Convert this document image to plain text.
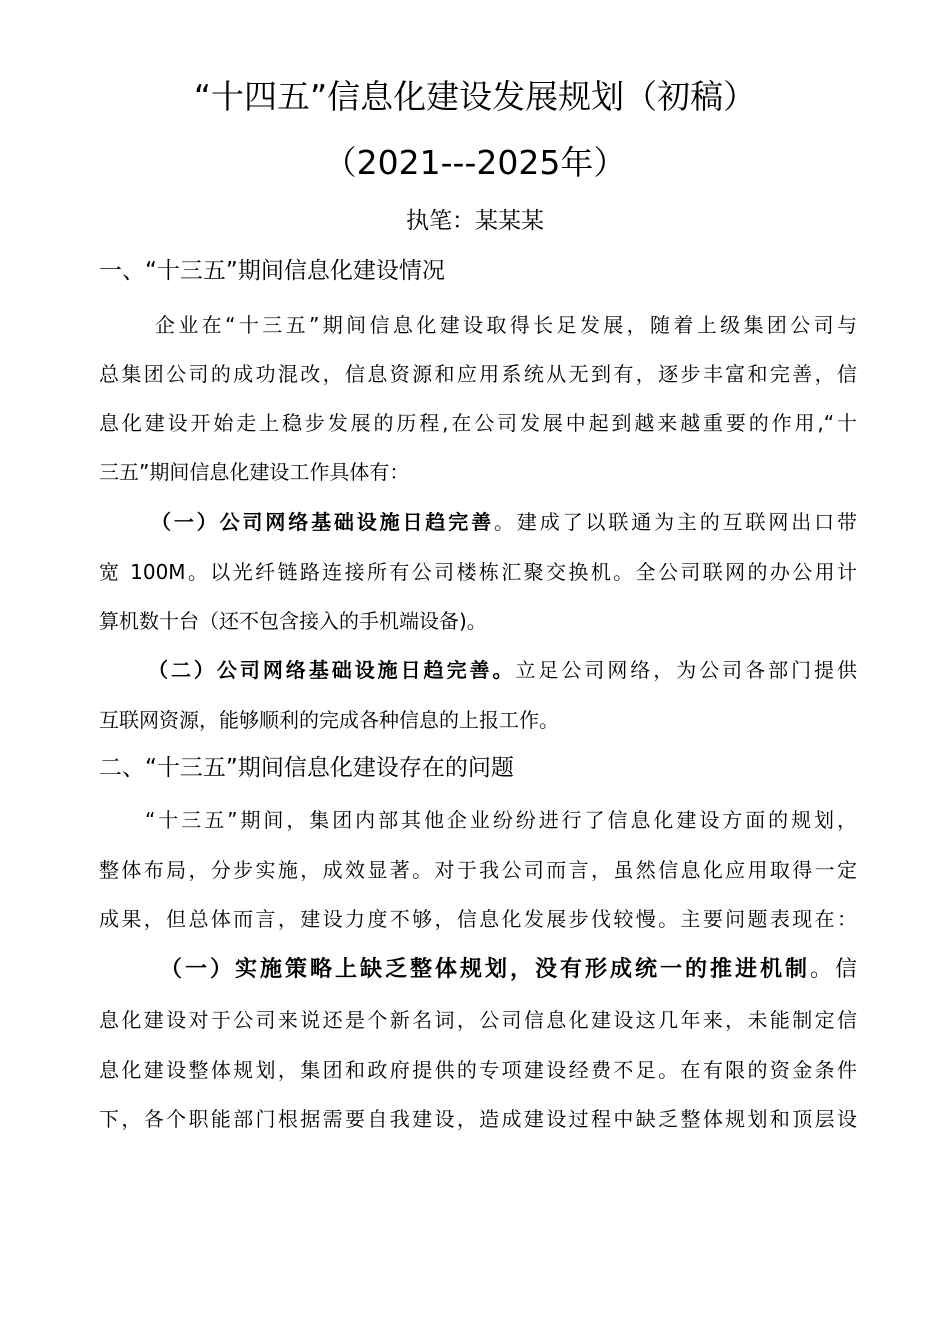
“十四五”信息化建设发展规划（初稿）
（2021---2025年）
执笔：某某某
一、“十三五”期间信息化建设情况
企业在“十三五”期间信息化建设取得长足发展，随着上级集团公司与
总集团公司的成功混改，信息资源和应用系统从无到有，逐步丰富和完善，信
息化建设开始走上稳步发展的历程,在公司发展中起到越来越重要的作用,“十
三五”期间信息化建设工作具体有：
（一）公司网络基础设施日趋完善。建成了以联通为主的互联网出口带
宽 100M。以光纤链路连接所有公司楼栋汇聚交换机。全公司联网的办公用计
算机数十台（还不包含接入的手机端设备)。
（二）公司网络基础设施日趋完善。立足公司网络，为公司各部门提供
互联网资源，能够顺利的完成各种信息的上报工作。
二、“十三五”期间信息化建设存在的问题
“十三五”期间，集团内部其他企业纷纷进行了信息化建设方面的规划，
整体布局，分步实施，成效显著。对于我公司而言，虽然信息化应用取得一定
成果，但总体而言，建设力度不够，信息化发展步伐较慢。主要问题表现在：
（一）实施策略上缺乏整体规划，没有形成统一的推进机制。信
息化建设对于公司来说还是个新名词，公司信息化建设这几年来，未能制定信
息化建设整体规划，集团和政府提供的专项建设经费不足。在有限的资金条件
下，各个职能部门根据需要自我建设，造成建设过程中缺乏整体规划和顶层设
